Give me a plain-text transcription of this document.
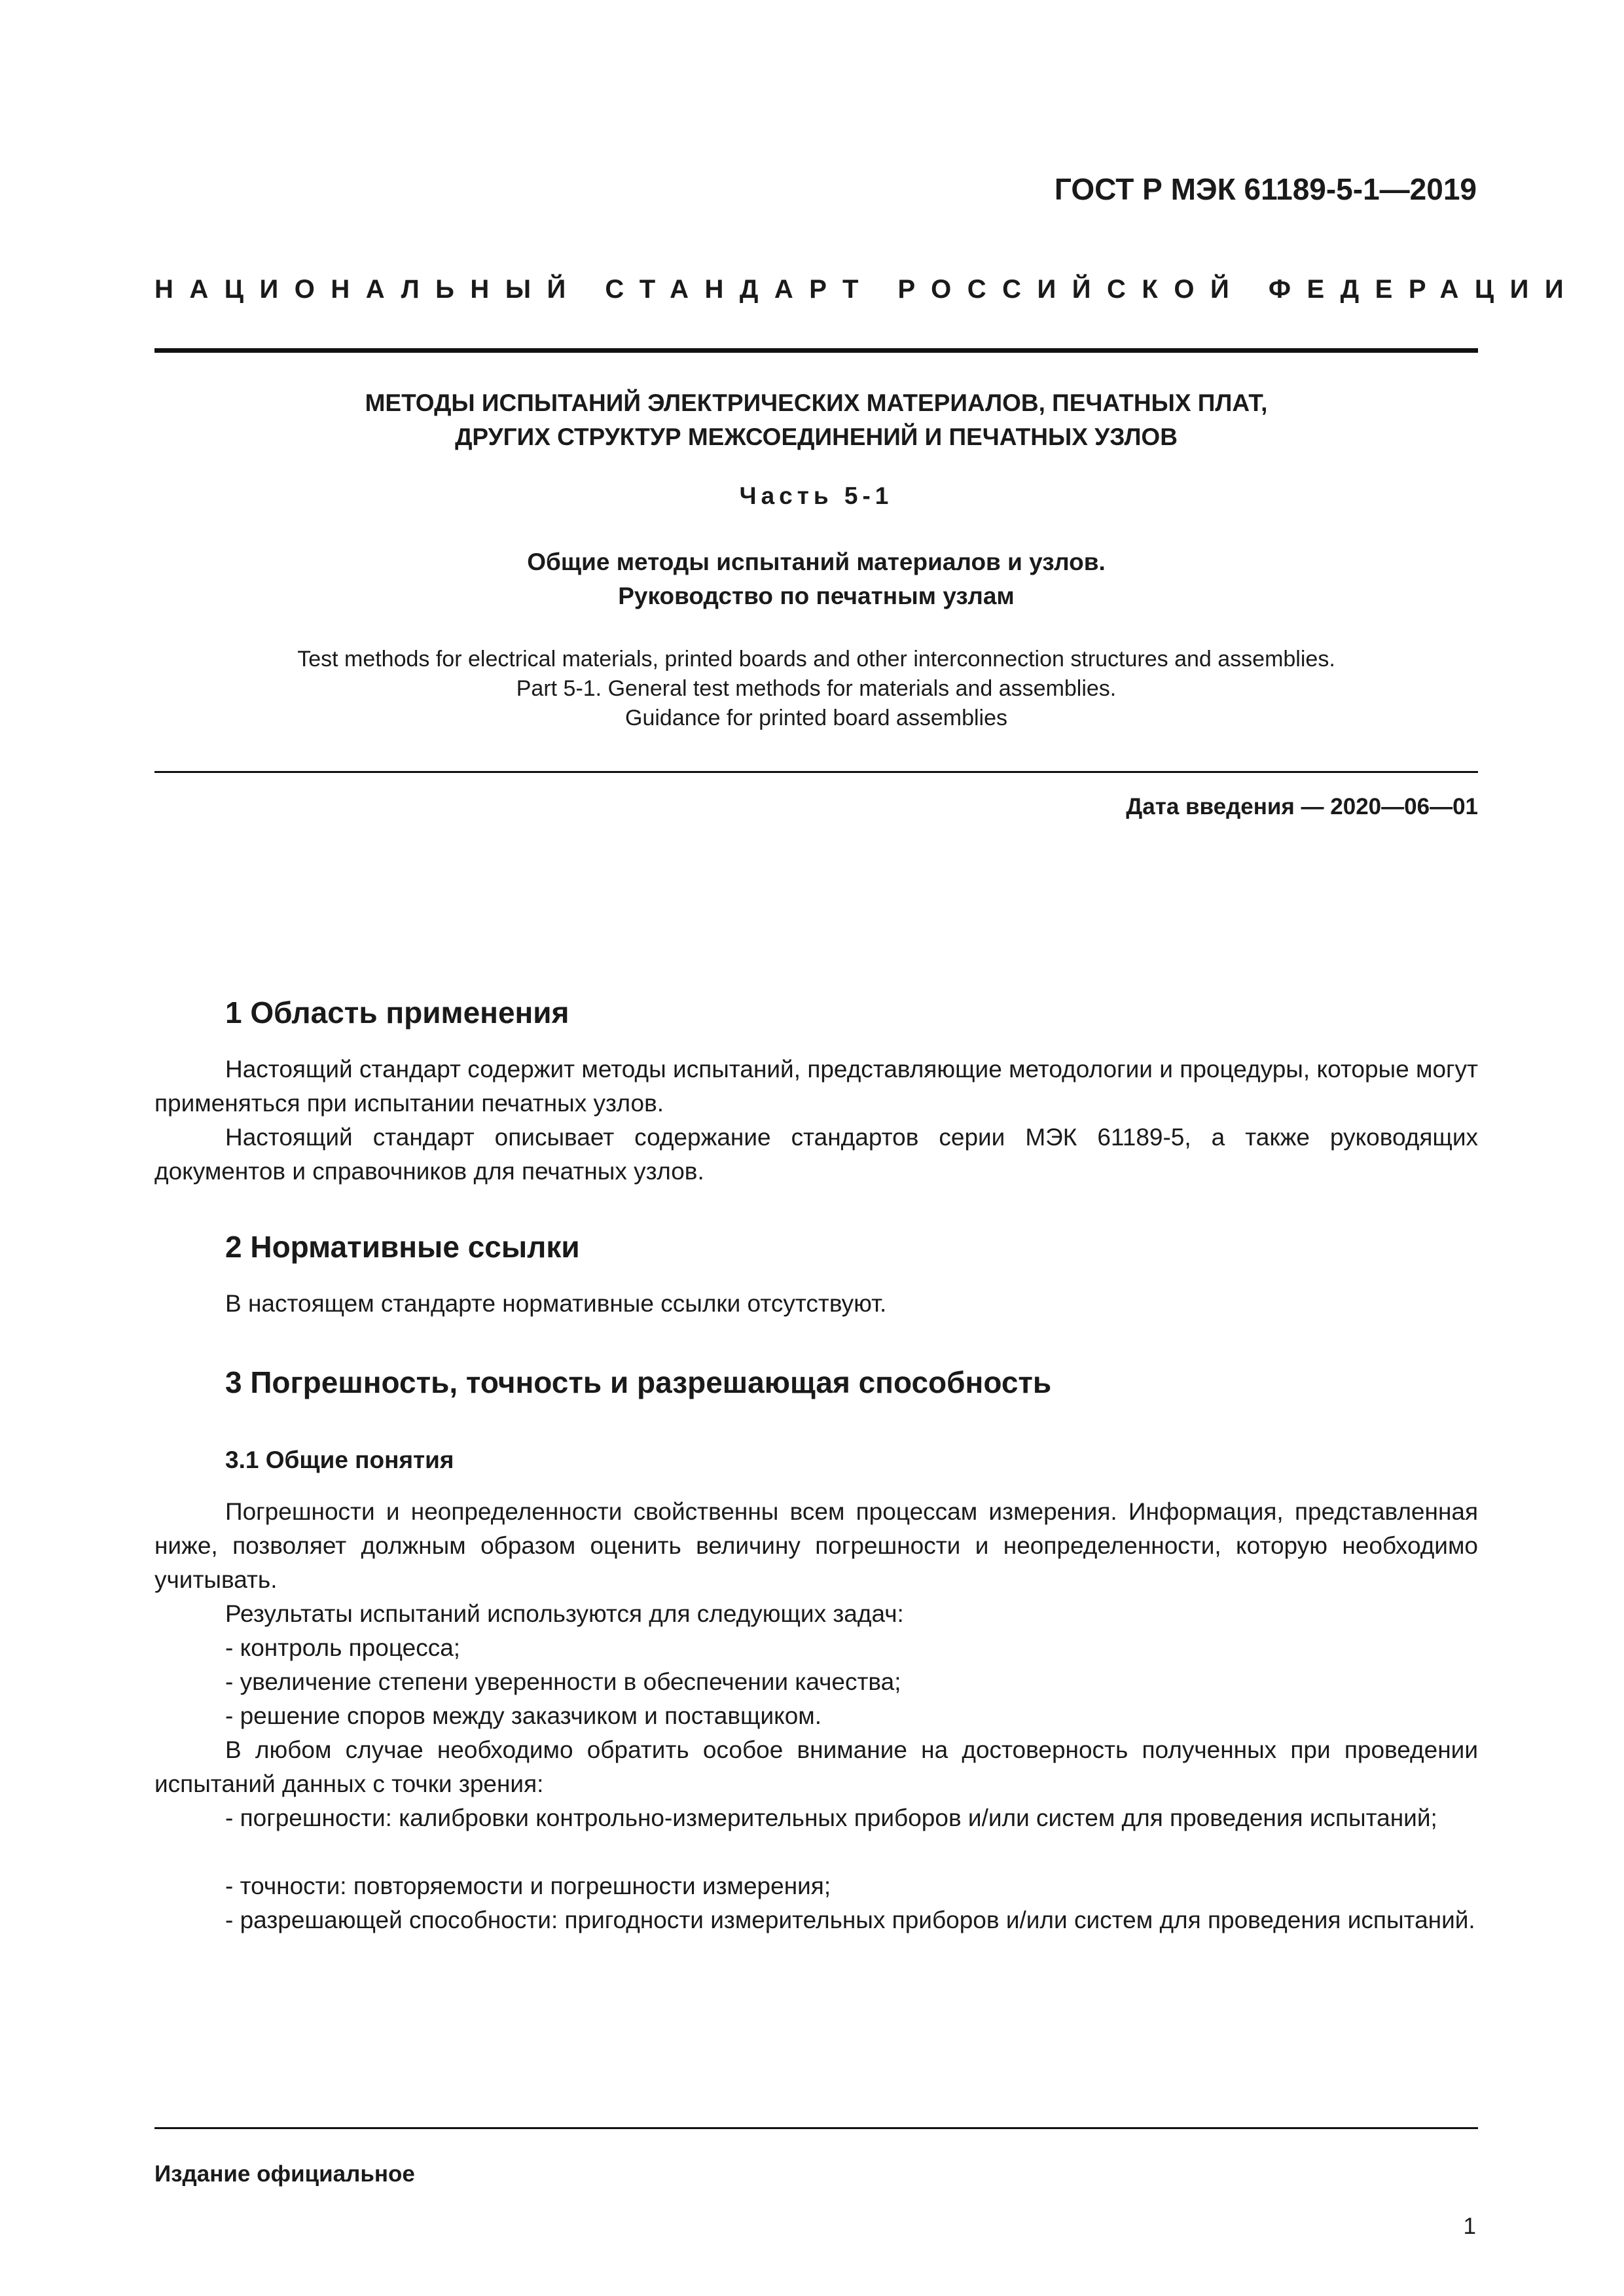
ГОСТ Р МЭК 61189-5-1—2019
НАЦИОНАЛЬНЫЙ СТАНДАРТ РОССИЙСКОЙ ФЕДЕРАЦИИ
МЕТОДЫ ИСПЫТАНИЙ ЭЛЕКТРИЧЕСКИХ МАТЕРИАЛОВ, ПЕЧАТНЫХ ПЛАТ,
ДРУГИХ СТРУКТУР МЕЖСОЕДИНЕНИЙ И ПЕЧАТНЫХ УЗЛОВ
Часть 5-1
Общие методы испытаний материалов и узлов.
Руководство по печатным узлам
Test methods for electrical materials, printed boards and other interconnection structures and assemblies.
Part 5-1. General test methods for materials and assemblies.
Guidance for printed board assemblies
Дата введения — 2020—06—01
1 Область применения

Настоящий стандарт содержит методы испытаний, представляющие методологии и процедуры, которые могут применяться при испытании печатных узлов.

Настоящий стандарт описывает содержание стандартов серии МЭК 61189-5, а также руководящих документов и справочников для печатных узлов.

2 Нормативные ссылки

В настоящем стандарте нормативные ссылки отсутствуют.

3 Погрешность, точность и разрешающая способность
3.1 Общие понятия

Погрешности и неопределенности свойственны всем процессам измерения. Информация, представленная ниже, позволяет должным образом оценить величину погрешности и неопределенности, которую необходимо учитывать.

Результаты испытаний используются для следующих задач:

- контроль процесса;

- увеличение степени уверенности в обеспечении качества;

- решение споров между заказчиком и поставщиком.

В любом случае необходимо обратить особое внимание на достоверность полученных при проведении испытаний данных с точки зрения:

- погрешности: калибровки контрольно-измерительных приборов и/или систем для проведения испытаний;

- точности: повторяемости и погрешности измерения;

- разрешающей способности: пригодности измерительных приборов и/или систем для проведения испытаний.

Издание официальное
1
